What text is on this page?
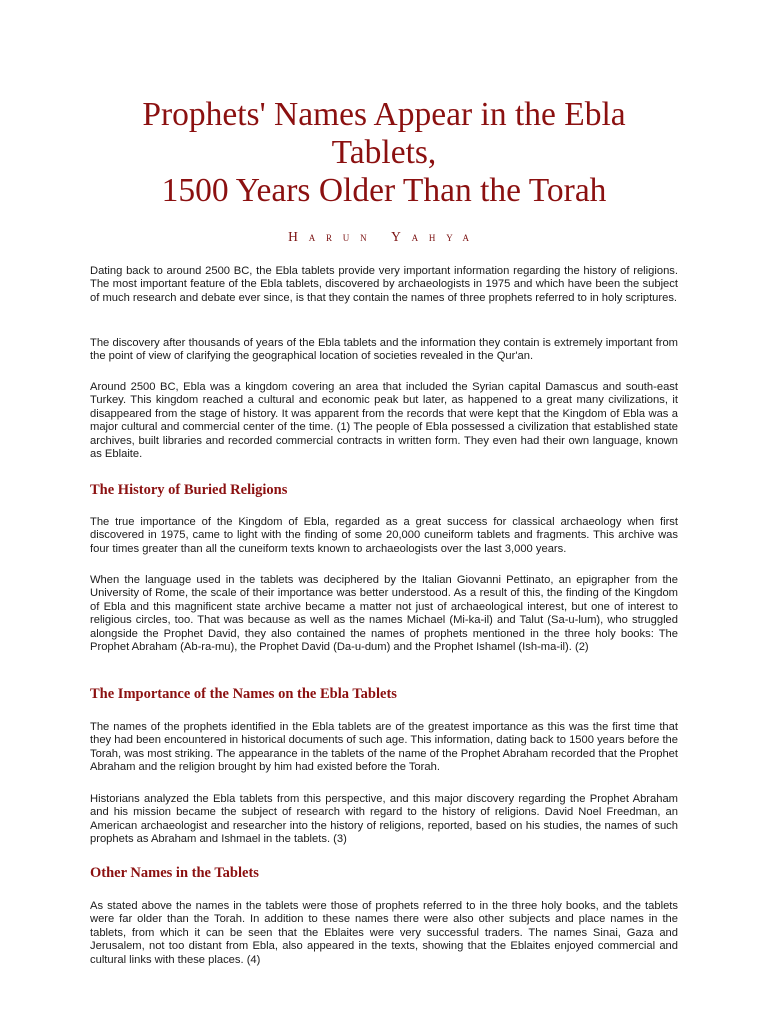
Prophets' Names Appear in the Ebla
Tablets,
1500 Years Older Than the Torah
Harun Yahya

Dating back to around 2500 BC, the Ebla tablets provide very important information regarding the history of religions. The most important feature of the Ebla tablets, discovered by archaeologists in 1975 and which have been the subject of much research and debate ever since, is that they contain the names of three prophets referred to in holy scriptures.

The discovery after thousands of years of the Ebla tablets and the information they contain is extremely important from the point of view of clarifying the geographical location of societies revealed in the Qur'an.

Around 2500 BC, Ebla was a kingdom covering an area that included the Syrian capital Damascus and south-east Turkey. This kingdom reached a cultural and economic peak but later, as happened to a great many civilizations, it disappeared from the stage of history. It was apparent from the records that were kept that the Kingdom of Ebla was a major cultural and commercial center of the time. (1) The people of Ebla possessed a civilization that established state archives, built libraries and recorded commercial contracts in written form. They even had their own language, known as Eblaite.

The History of Buried Religions

The true importance of the Kingdom of Ebla, regarded as a great success for classical archaeology when first discovered in 1975, came to light with the finding of some 20,000 cuneiform tablets and fragments. This archive was four times greater than all the cuneiform texts known to archaeologists over the last 3,000 years.

When the language used in the tablets was deciphered by the Italian Giovanni Pettinato, an epigrapher from the University of Rome, the scale of their importance was better understood. As a result of this, the finding of the Kingdom of Ebla and this magnificent state archive became a matter not just of archaeological interest, but one of interest to religious circles, too. That was because as well as the names Michael (Mi-ka-il) and Talut (Sa-u-lum), who struggled alongside the Prophet David, they also contained the names of prophets mentioned in the three holy books: The Prophet Abraham (Ab-ra-mu), the Prophet David (Da-u-dum) and the Prophet Ishamel (Ish-ma-il). (2)

The Importance of the Names on the Ebla Tablets

The names of the prophets identified in the Ebla tablets are of the greatest importance as this was the first time that they had been encountered in historical documents of such age. This information, dating back to 1500 years before the Torah, was most striking. The appearance in the tablets of the name of the Prophet Abraham recorded that the Prophet Abraham and the religion brought by him had existed before the Torah.

Historians analyzed the Ebla tablets from this perspective, and this major discovery regarding the Prophet Abraham and his mission became the subject of research with regard to the history of religions. David Noel Freedman, an American archaeologist and researcher into the history of religions, reported, based on his studies, the names of such prophets as Abraham and Ishmael in the tablets. (3)

Other Names in the Tablets

As stated above the names in the tablets were those of prophets referred to in the three holy books, and the tablets were far older than the Torah. In addition to these names there were also other subjects and place names in the tablets, from which it can be seen that the Eblaites were very successful traders. The names Sinai, Gaza and Jerusalem, not too distant from Ebla, also appeared in the texts, showing that the Eblaites enjoyed commercial and cultural links with these places. (4)
